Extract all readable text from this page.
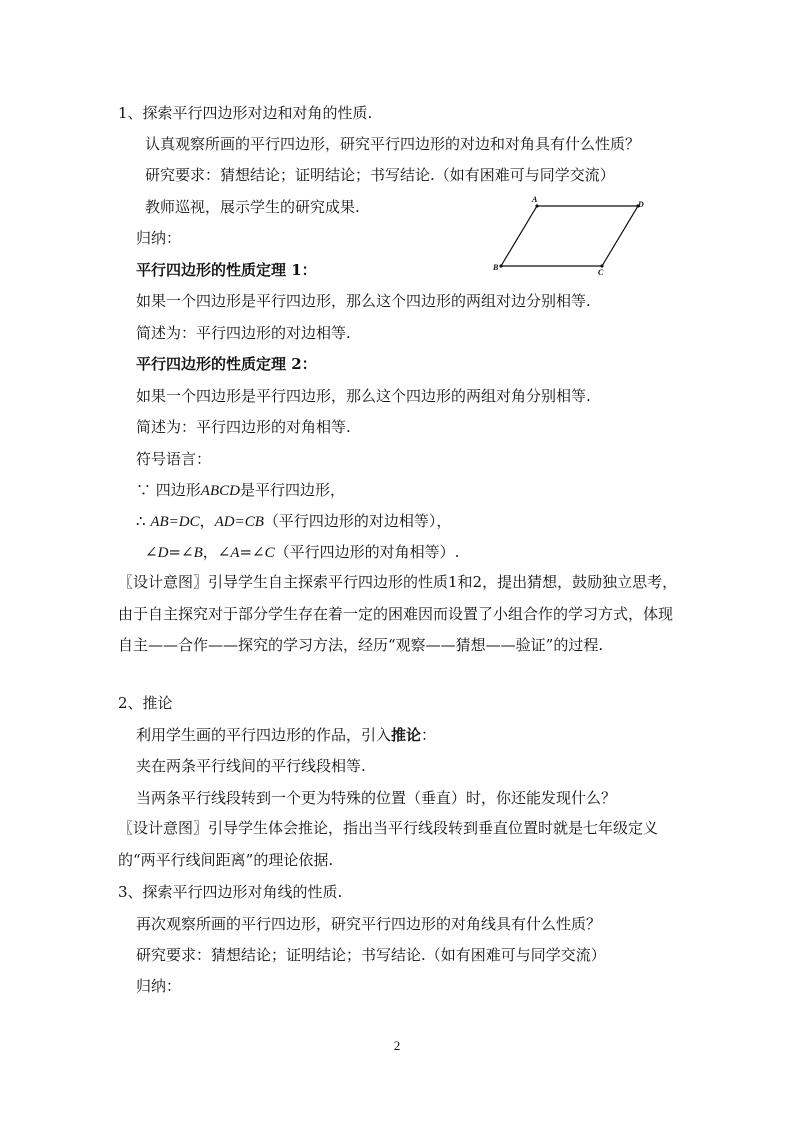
1、探索平行四边形对边和对角的性质.
认真观察所画的平行四边形，研究平行四边形的对边和对角具有什么性质？
研究要求：猜想结论；证明结论；书写结论.（如有困难可与同学交流）
教师巡视，展示学生的研究成果.
归纳：
平行四边形的性质定理 1：
如果一个四边形是平行四边形，那么这个四边形的两组对边分别相等.
简述为：平行四边形的对边相等.
平行四边形的性质定理 2：
如果一个四边形是平行四边形，那么这个四边形的两组对角分别相等.
简述为：平行四边形的对角相等.
符号语言：
∵ 四边形ABCD是平行四边形，
∴ AB=DC，AD=CB（平行四边形的对边相等），
∠D=∠B，∠A=∠C（平行四边形的对角相等）.
〖设计意图〗引导学生自主探索平行四边形的性质1和2，提出猜想，鼓励独立思考，由于自主探究对于部分学生存在着一定的困难因而设置了小组合作的学习方式，体现自主——合作——探究的学习方法，经历“观察——猜想——验证”的过程.
A
D
B
C
2、推论
利用学生画的平行四边形的作品，引入推论：
夹在两条平行线间的平行线段相等.
当两条平行线段转到一个更为特殊的位置（垂直）时，你还能发现什么？
〖设计意图〗引导学生体会推论，指出当平行线段转到垂直位置时就是七年级定义的“两平行线间距离”的理论依据.
3、探索平行四边形对角线的性质.
再次观察所画的平行四边形，研究平行四边形的对角线具有什么性质？
研究要求：猜想结论；证明结论；书写结论.（如有困难可与同学交流）
归纳：
2
